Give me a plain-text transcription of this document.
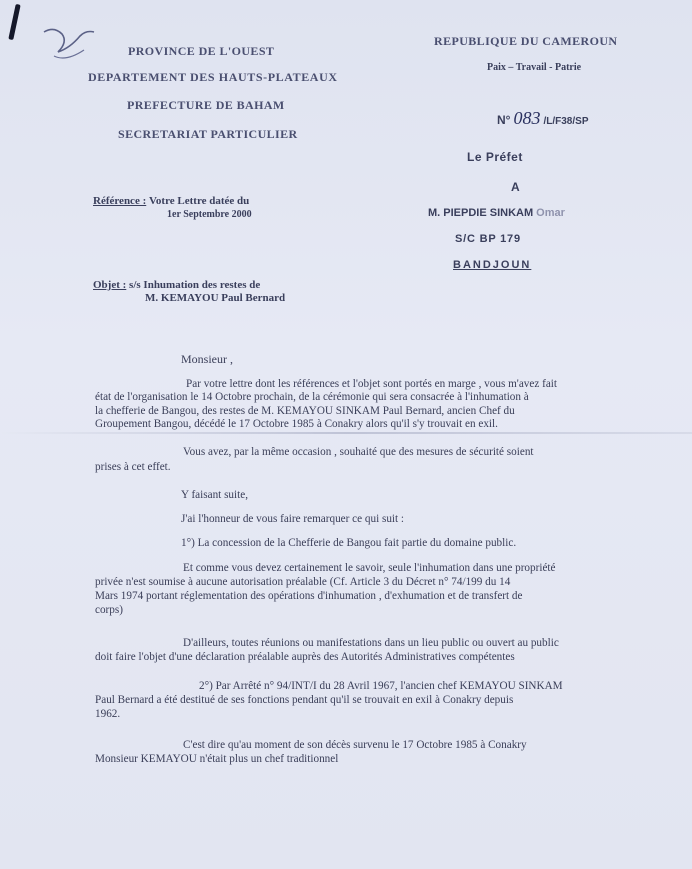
PROVINCE DE L'OUEST
DEPARTEMENT DES HAUTS-PLATEAUX
PREFECTURE DE BAHAM
SECRETARIAT PARTICULIER
REPUBLIQUE DU CAMEROUN
Paix – Travail - Patrie
N° 083 /L/F38/SP
Le Préfet
A
M. PIEPDIE SINKAM Omar
S/C BP 179
BANDJOUN
Référence : Votre Lettre datée du
1er Septembre 2000
Objet : s/s Inhumation des restes de
M. KEMAYOU Paul Bernard
Monsieur ,
Par votre lettre dont les références et l'objet sont portés en marge , vous m'avez fait
état de l'organisation le 14 Octobre prochain, de la cérémonie qui sera consacrée à l'inhumation à
la chefferie de Bangou, des restes de M. KEMAYOU SINKAM Paul Bernard, ancien Chef du
Groupement Bangou, décédé le 17 Octobre 1985 à Conakry alors qu'il s'y trouvait en exil.
Vous avez, par la même occasion , souhaité que des mesures de sécurité soient
prises à cet effet.
Y faisant suite,
J'ai l'honneur de vous faire remarquer ce qui suit :
1°) La concession de la Chefferie de Bangou fait partie du domaine public.
Et comme vous devez certainement le savoir, seule l'inhumation dans une propriété
privée n'est soumise à aucune autorisation préalable (Cf. Article 3 du Décret n° 74/199 du 14
Mars 1974 portant réglementation des opérations d'inhumation , d'exhumation et de transfert de
corps)
D'ailleurs, toutes réunions ou manifestations dans un lieu public ou ouvert au public
doit faire l'objet d'une déclaration préalable auprès des Autorités Administratives compétentes
2°) Par Arrêté n° 94/INT/I du 28 Avril 1967, l'ancien chef KEMAYOU SINKAM
Paul Bernard a été destitué de ses fonctions pendant qu'il se trouvait en exil à Conakry depuis
1962.
C'est dire qu'au moment de son décès survenu le 17 Octobre 1985 à Conakry
Monsieur KEMAYOU n'était plus un chef traditionnel
